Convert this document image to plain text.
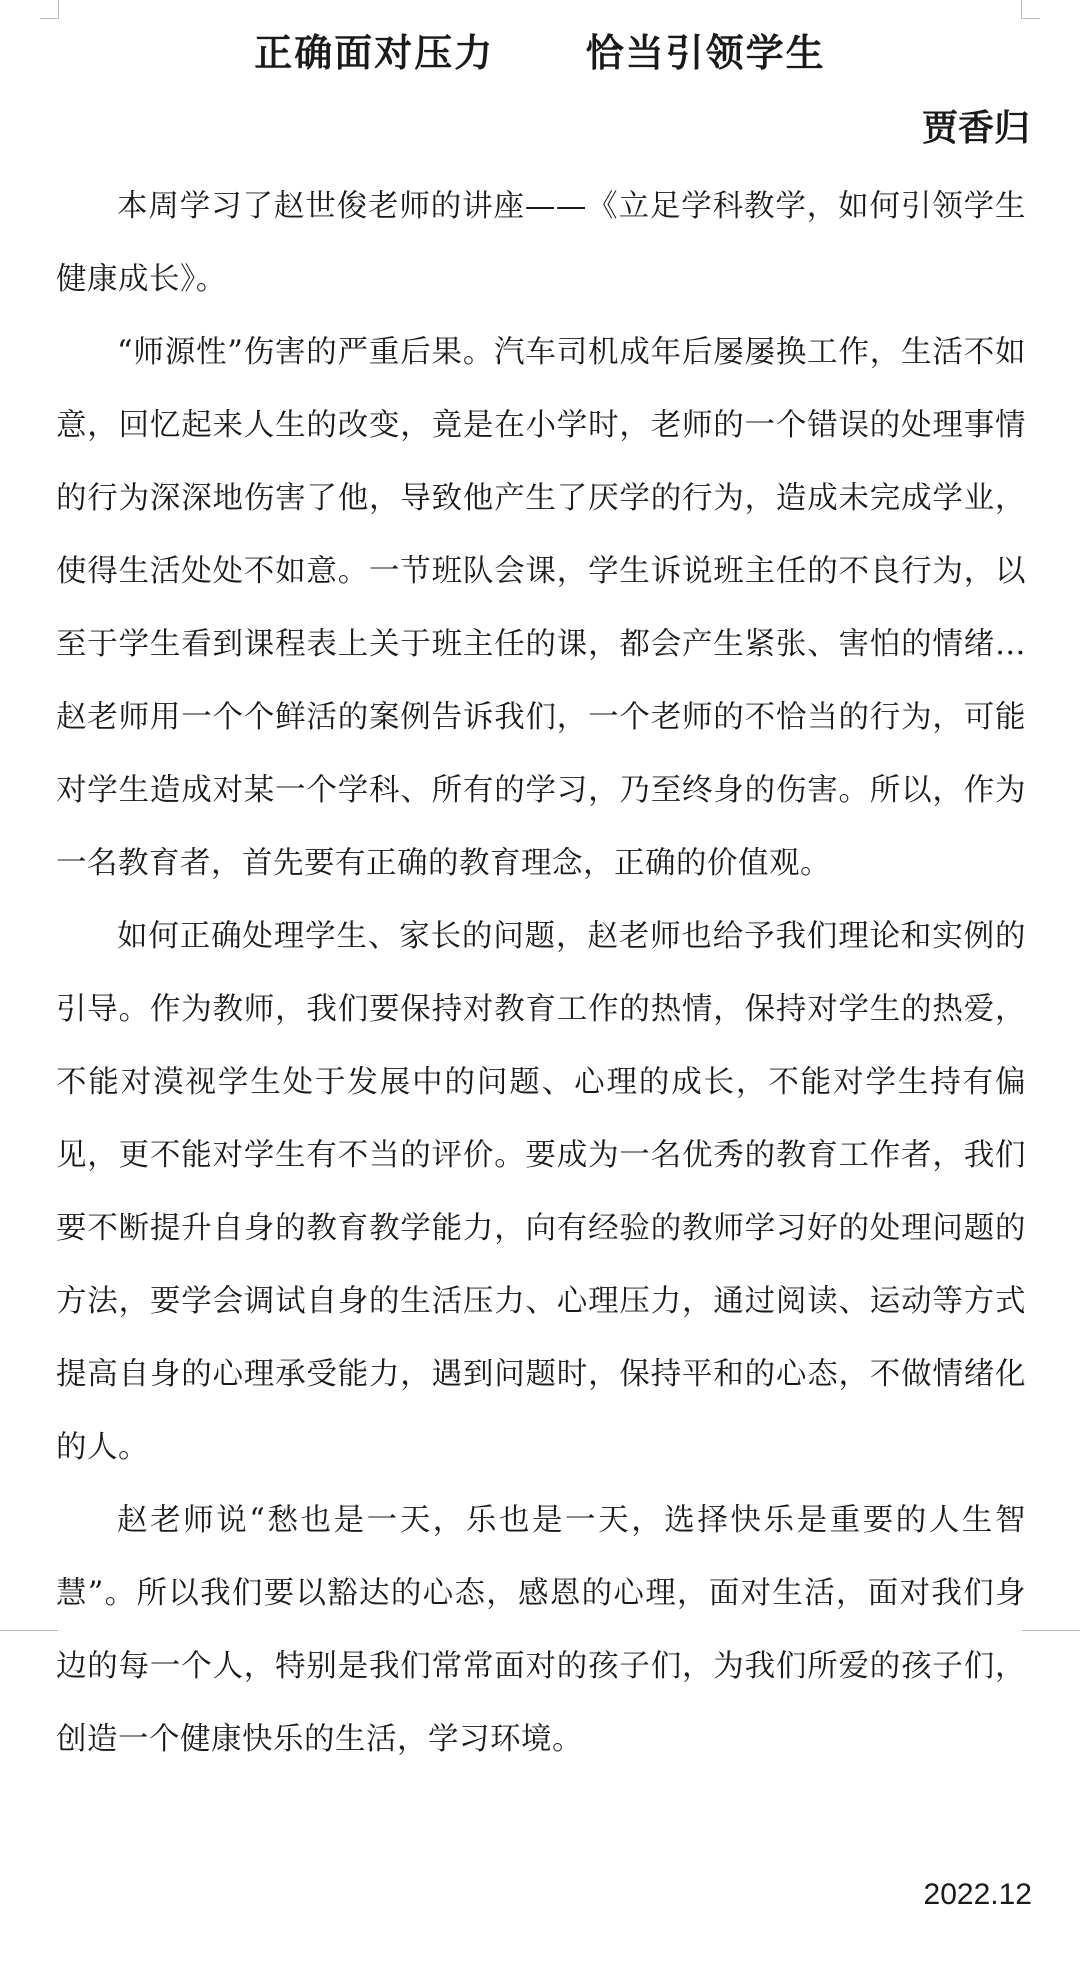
正确面对压力      恰当引领学生
贾香归

本周学习了赵世俊老师的讲座——《立足学科教学，如何引领学生健康成长》。

“师源性”伤害的严重后果。汽车司机成年后屡屡换工作，生活不如意，回忆起来人生的改变，竟是在小学时，老师的一个错误的处理事情的行为深深地伤害了他，导致他产生了厌学的行为，造成未完成学业，使得生活处处不如意。一节班队会课，学生诉说班主任的不良行为，以至于学生看到课程表上关于班主任的课，都会产生紧张、害怕的情绪…赵老师用一个个鲜活的案例告诉我们，一个老师的不恰当的行为，可能对学生造成对某一个学科、所有的学习，乃至终身的伤害。所以，作为一名教育者，首先要有正确的教育理念，正确的价值观。

如何正确处理学生、家长的问题，赵老师也给予我们理论和实例的引导。作为教师，我们要保持对教育工作的热情，保持对学生的热爱，不能对漠视学生处于发展中的问题、心理的成长，不能对学生持有偏见，更不能对学生有不当的评价。要成为一名优秀的教育工作者，我们要不断提升自身的教育教学能力，向有经验的教师学习好的处理问题的方法，要学会调试自身的生活压力、心理压力，通过阅读、运动等方式提高自身的心理承受能力，遇到问题时，保持平和的心态，不做情绪化的人。

赵老师说“愁也是一天，乐也是一天，选择快乐是重要的人生智慧”。所以我们要以豁达的心态，感恩的心理，面对生活，面对我们身边的每一个人，特别是我们常常面对的孩子们，为我们所爱的孩子们，创造一个健康快乐的生活，学习环境。

2022.12
